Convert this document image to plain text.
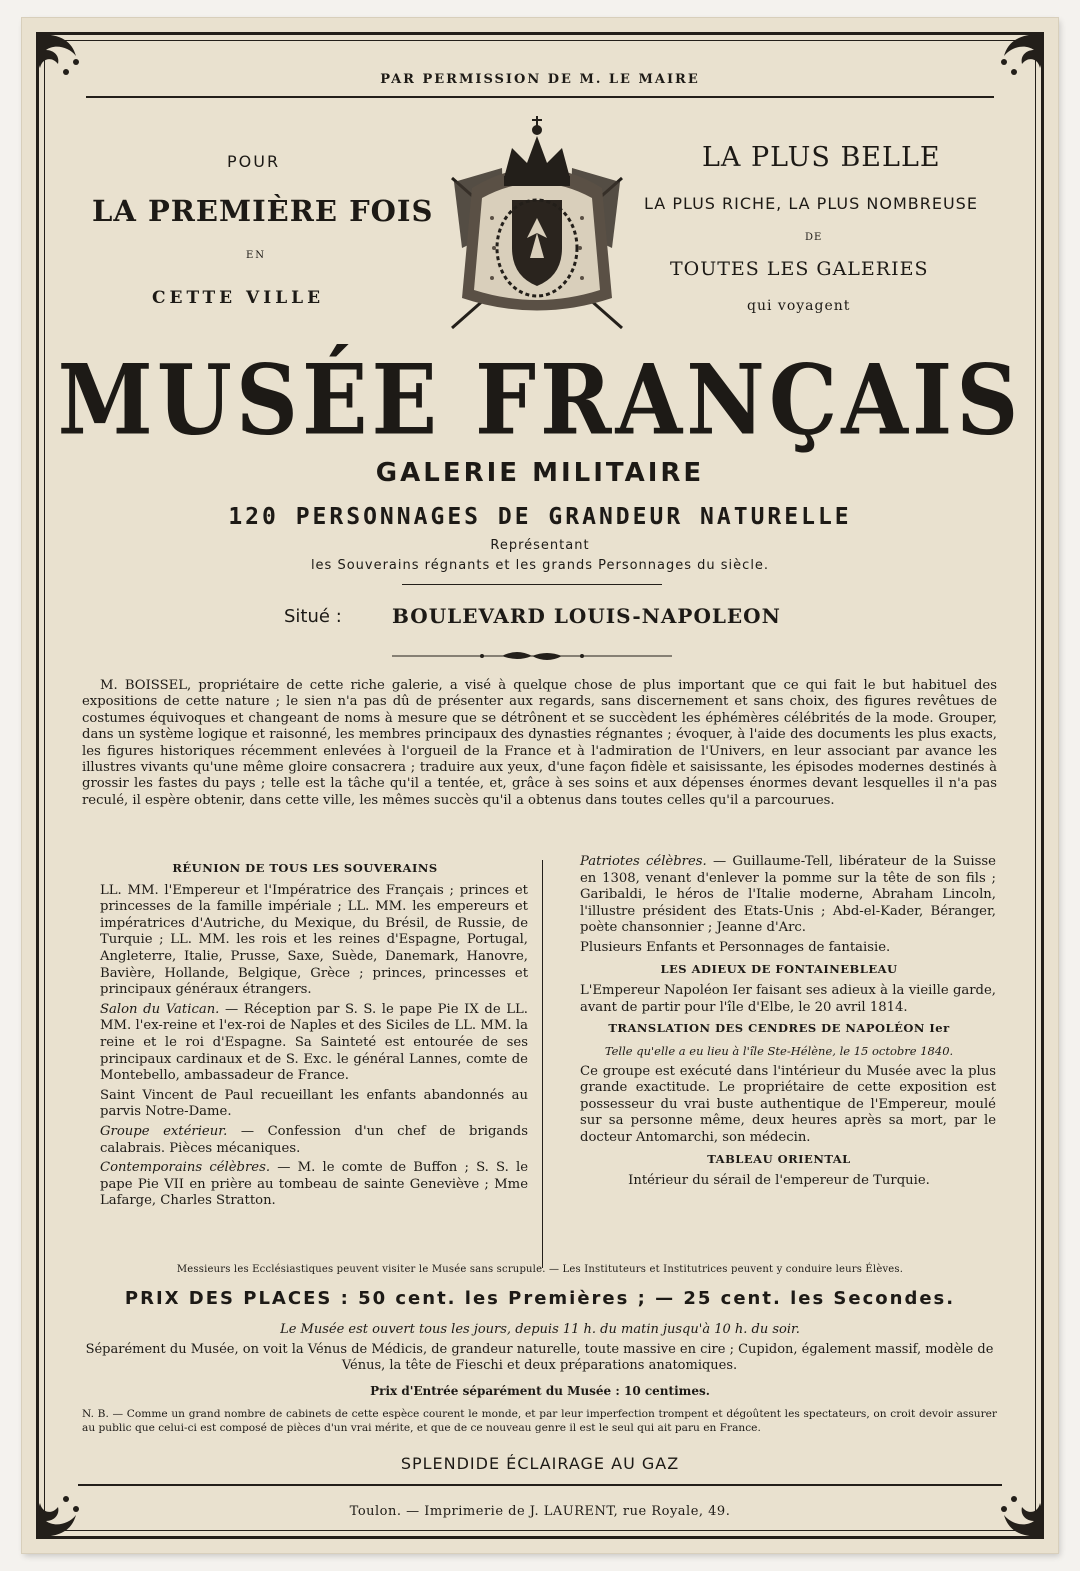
PAR PERMISSION DE M. LE MAIRE
POUR
LA PREMIÈRE FOIS
EN
CETTE VILLE
LA PLUS BELLE
LA PLUS RICHE, LA PLUS NOMBREUSE
DE
TOUTES LES GALERIES
qui voyagent
MUSÉE FRANÇAIS
GALERIE MILITAIRE
120 PERSONNAGES DE GRANDEUR NATURELLE
Représentant
les Souverains régnants et les grands Personnages du siècle.
Situé :	BOULEVARD LOUIS-NAPOLEON
M. BOISSEL, propriétaire de cette riche galerie, a visé à quelque chose de plus important que ce qui fait le but habituel des expositions de cette nature ; le sien n'a pas dû de présenter aux regards, sans discernement et sans choix, des figures revêtues de costumes équivoques et changeant de noms à mesure que se détrônent et se succèdent les éphémères célébrités de la mode. Grouper, dans un système logique et raisonné, les membres principaux des dynasties régnantes ; évoquer, à l'aide des documents les plus exacts, les figures historiques récemment enlevées à l'orgueil de la France et à l'admiration de l'Univers, en leur associant par avance les illustres vivants qu'une même gloire consacrera ; traduire aux yeux, d'une façon fidèle et saisissante, les épisodes modernes destinés à grossir les fastes du pays ; telle est la tâche qu'il a tentée, et, grâce à ses soins et aux dépenses énormes devant lesquelles il n'a pas reculé, il espère obtenir, dans cette ville, les mêmes succès qu'il a obtenus dans toutes celles qu'il a parcourues.
RÉUNION DE TOUS LES SOUVERAINS

LL. MM. l'Empereur et l'Impératrice des Français ; princes et princesses de la famille impériale ; LL. MM. les empereurs et impératrices d'Autriche, du Mexique, du Brésil, de Russie, de Turquie ; LL. MM. les rois et les reines d'Espagne, Portugal, Angleterre, Italie, Prusse, Saxe, Suède, Danemark, Hanovre, Bavière, Hollande, Belgique, Grèce ; princes, princesses et principaux généraux étrangers.

Salon du Vatican. — Réception par S. S. le pape Pie IX de LL. MM. l'ex-reine et l'ex-roi de Naples et des Siciles de LL. MM. la reine et le roi d'Espagne. Sa Sainteté est entourée de ses principaux cardinaux et de S. Exc. le général Lannes, comte de Montebello, ambassadeur de France.

Saint Vincent de Paul recueillant les enfants abandonnés au parvis Notre-Dame.

Groupe extérieur. — Confession d'un chef de brigands calabrais. Pièces mécaniques.

Contemporains célèbres. — M. le comte de Buffon ; S. S. le pape Pie VII en prière au tombeau de sainte Geneviève ; Mme Lafarge, Charles Stratton.

Patriotes célèbres. — Guillaume-Tell, libérateur de la Suisse en 1308, venant d'enlever la pomme sur la tête de son fils ; Garibaldi, le héros de l'Italie moderne, Abraham Lincoln, l'illustre président des Etats-Unis ; Abd-el-Kader, Béranger, poète chansonnier ; Jeanne d'Arc.

Plusieurs Enfants et Personnages de fantaisie.

LES ADIEUX DE FONTAINEBLEAU

L'Empereur Napoléon Ier faisant ses adieux à la vieille garde, avant de partir pour l'île d'Elbe, le 20 avril 1814.

TRANSLATION DES CENDRES DE NAPOLÉON Ier
Telle qu'elle a eu lieu à l'île Ste-Hélène, le 15 octobre 1840.

Ce groupe est exécuté dans l'intérieur du Musée avec la plus grande exactitude. Le propriétaire de cette exposition est possesseur du vrai buste authentique de l'Empereur, moulé sur sa personne même, deux heures après sa mort, par le docteur Antomarchi, son médecin.

TABLEAU ORIENTAL
Intérieur du sérail de l'empereur de Turquie.
Messieurs les Ecclésiastiques peuvent visiter le Musée sans scrupule. — Les Instituteurs et Institutrices peuvent y conduire leurs Élèves.
PRIX DES PLACES : 50 cent. les Premières ; — 25 cent. les Secondes.
Le Musée est ouvert tous les jours, depuis 11 h. du matin jusqu'à 10 h. du soir.
Séparément du Musée, on voit la Vénus de Médicis, de grandeur naturelle, toute massive en cire ; Cupidon, également massif, modèle de Vénus, la tête de Fieschi et deux préparations anatomiques.
Prix d'Entrée séparément du Musée : 10 centimes.
N. B. — Comme un grand nombre de cabinets de cette espèce courent le monde, et par leur imperfection trompent et dégoûtent les spectateurs, on croit devoir assurer au public que celui-ci est composé de pièces d'un vrai mérite, et que de ce nouveau genre il est le seul qui ait paru en France.
SPLENDIDE ÉCLAIRAGE AU GAZ
Toulon. — Imprimerie de J. LAURENT, rue Royale, 49.
